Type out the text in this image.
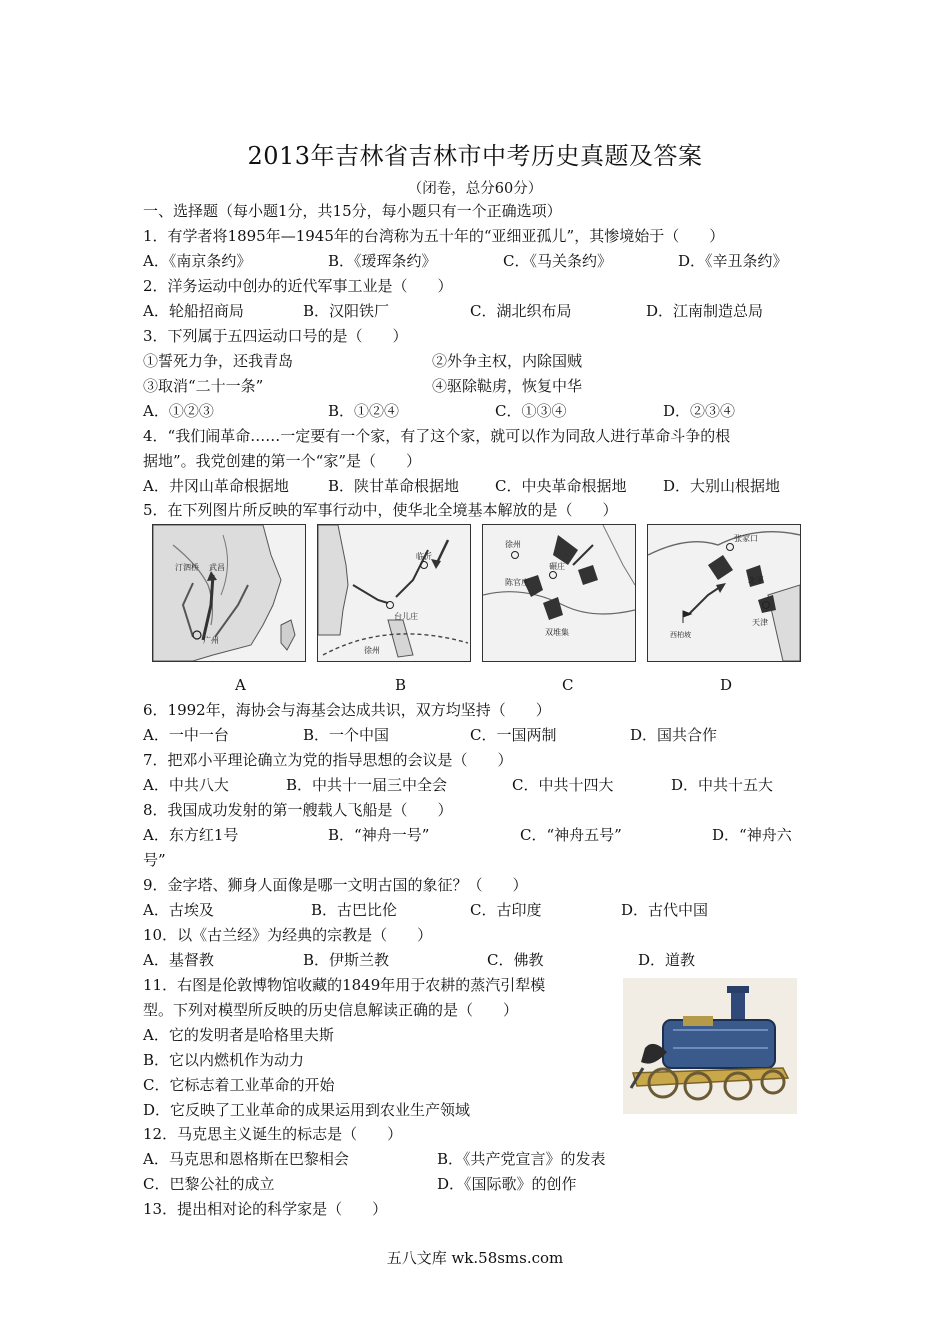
2013年吉林省吉林市中考历史真题及答案
（闭卷，总分60分）
一、选择题（每小题1分，共15分，每小题只有一个正确选项）
1．有学者将1895年—1945年的台湾称为五十年的“亚细亚孤儿”，其惨境始于（　　）
A．《南京条约》	B．《瑷珲条约》	C．《马关条约》	D．《辛丑条约》
2．洋务运动中创办的近代军事工业是（　　）
A．轮船招商局	B．汉阳铁厂	C．湖北织布局	D．江南制造总局
3．下列属于五四运动口号的是（　　）
①誓死力争，还我青岛	②外争主权，内除国贼
③取消“二十一条”	④驱除鞑虏，恢复中华
A．①②③	B．①②④	C．①③④	D．②③④
4．“我们闹革命……一定要有一个家，有了这个家，就可以作为同敌人进行革命斗争的根
据地”。我党创建的第一个“家”是（　　）
A．井冈山革命根据地	B．陕甘革命根据地 C．中央革命根据地 D．大别山根据地
5．在下列图片所反映的军事行动中，使华北全境基本解放的是（　　）
汀泗桥 武昌
广州
临沂
台儿庄
徐州
徐州
陈官庄
碾庄
双堆集
张家口
北平
天津
西柏坡
A	B	C	D
6．1992年，海协会与海基会达成共识，双方均坚持（　　）
A．一中一台	B．一个中国	C．一国两制	D．国共合作
7．把邓小平理论确立为党的指导思想的会议是（　　）
A．中共八大	B．中共十一届三中全会	C．中共十四大	D．中共十五大
8．我国成功发射的第一艘载人飞船是（　　）
A．东方红1号	B．“神舟一号”	C．“神舟五号”	D．“神舟六
号”
9．金字塔、狮身人面像是哪一文明古国的象征？（　　）
A．古埃及	B．古巴比伦	C．古印度	D．古代中国
10．以《古兰经》为经典的宗教是（　　）
A．基督教	B．伊斯兰教	C．佛教	D．道教
11．右图是伦敦博物馆收藏的1849年用于农耕的蒸汽引犁模
型。下列对模型所反映的历史信息解读正确的是（　　）
A．它的发明者是哈格里夫斯
B．它以内燃机作为动力
C．它标志着工业革命的开始
D．它反映了工业革命的成果运用到农业生产领域
12．马克思主义诞生的标志是（　　）
A．马克思和恩格斯在巴黎相会	B．《共产党宣言》的发表
C．巴黎公社的成立	D．《国际歌》的创作
13．提出相对论的科学家是（　　）
五八文库 wk.58sms.com
